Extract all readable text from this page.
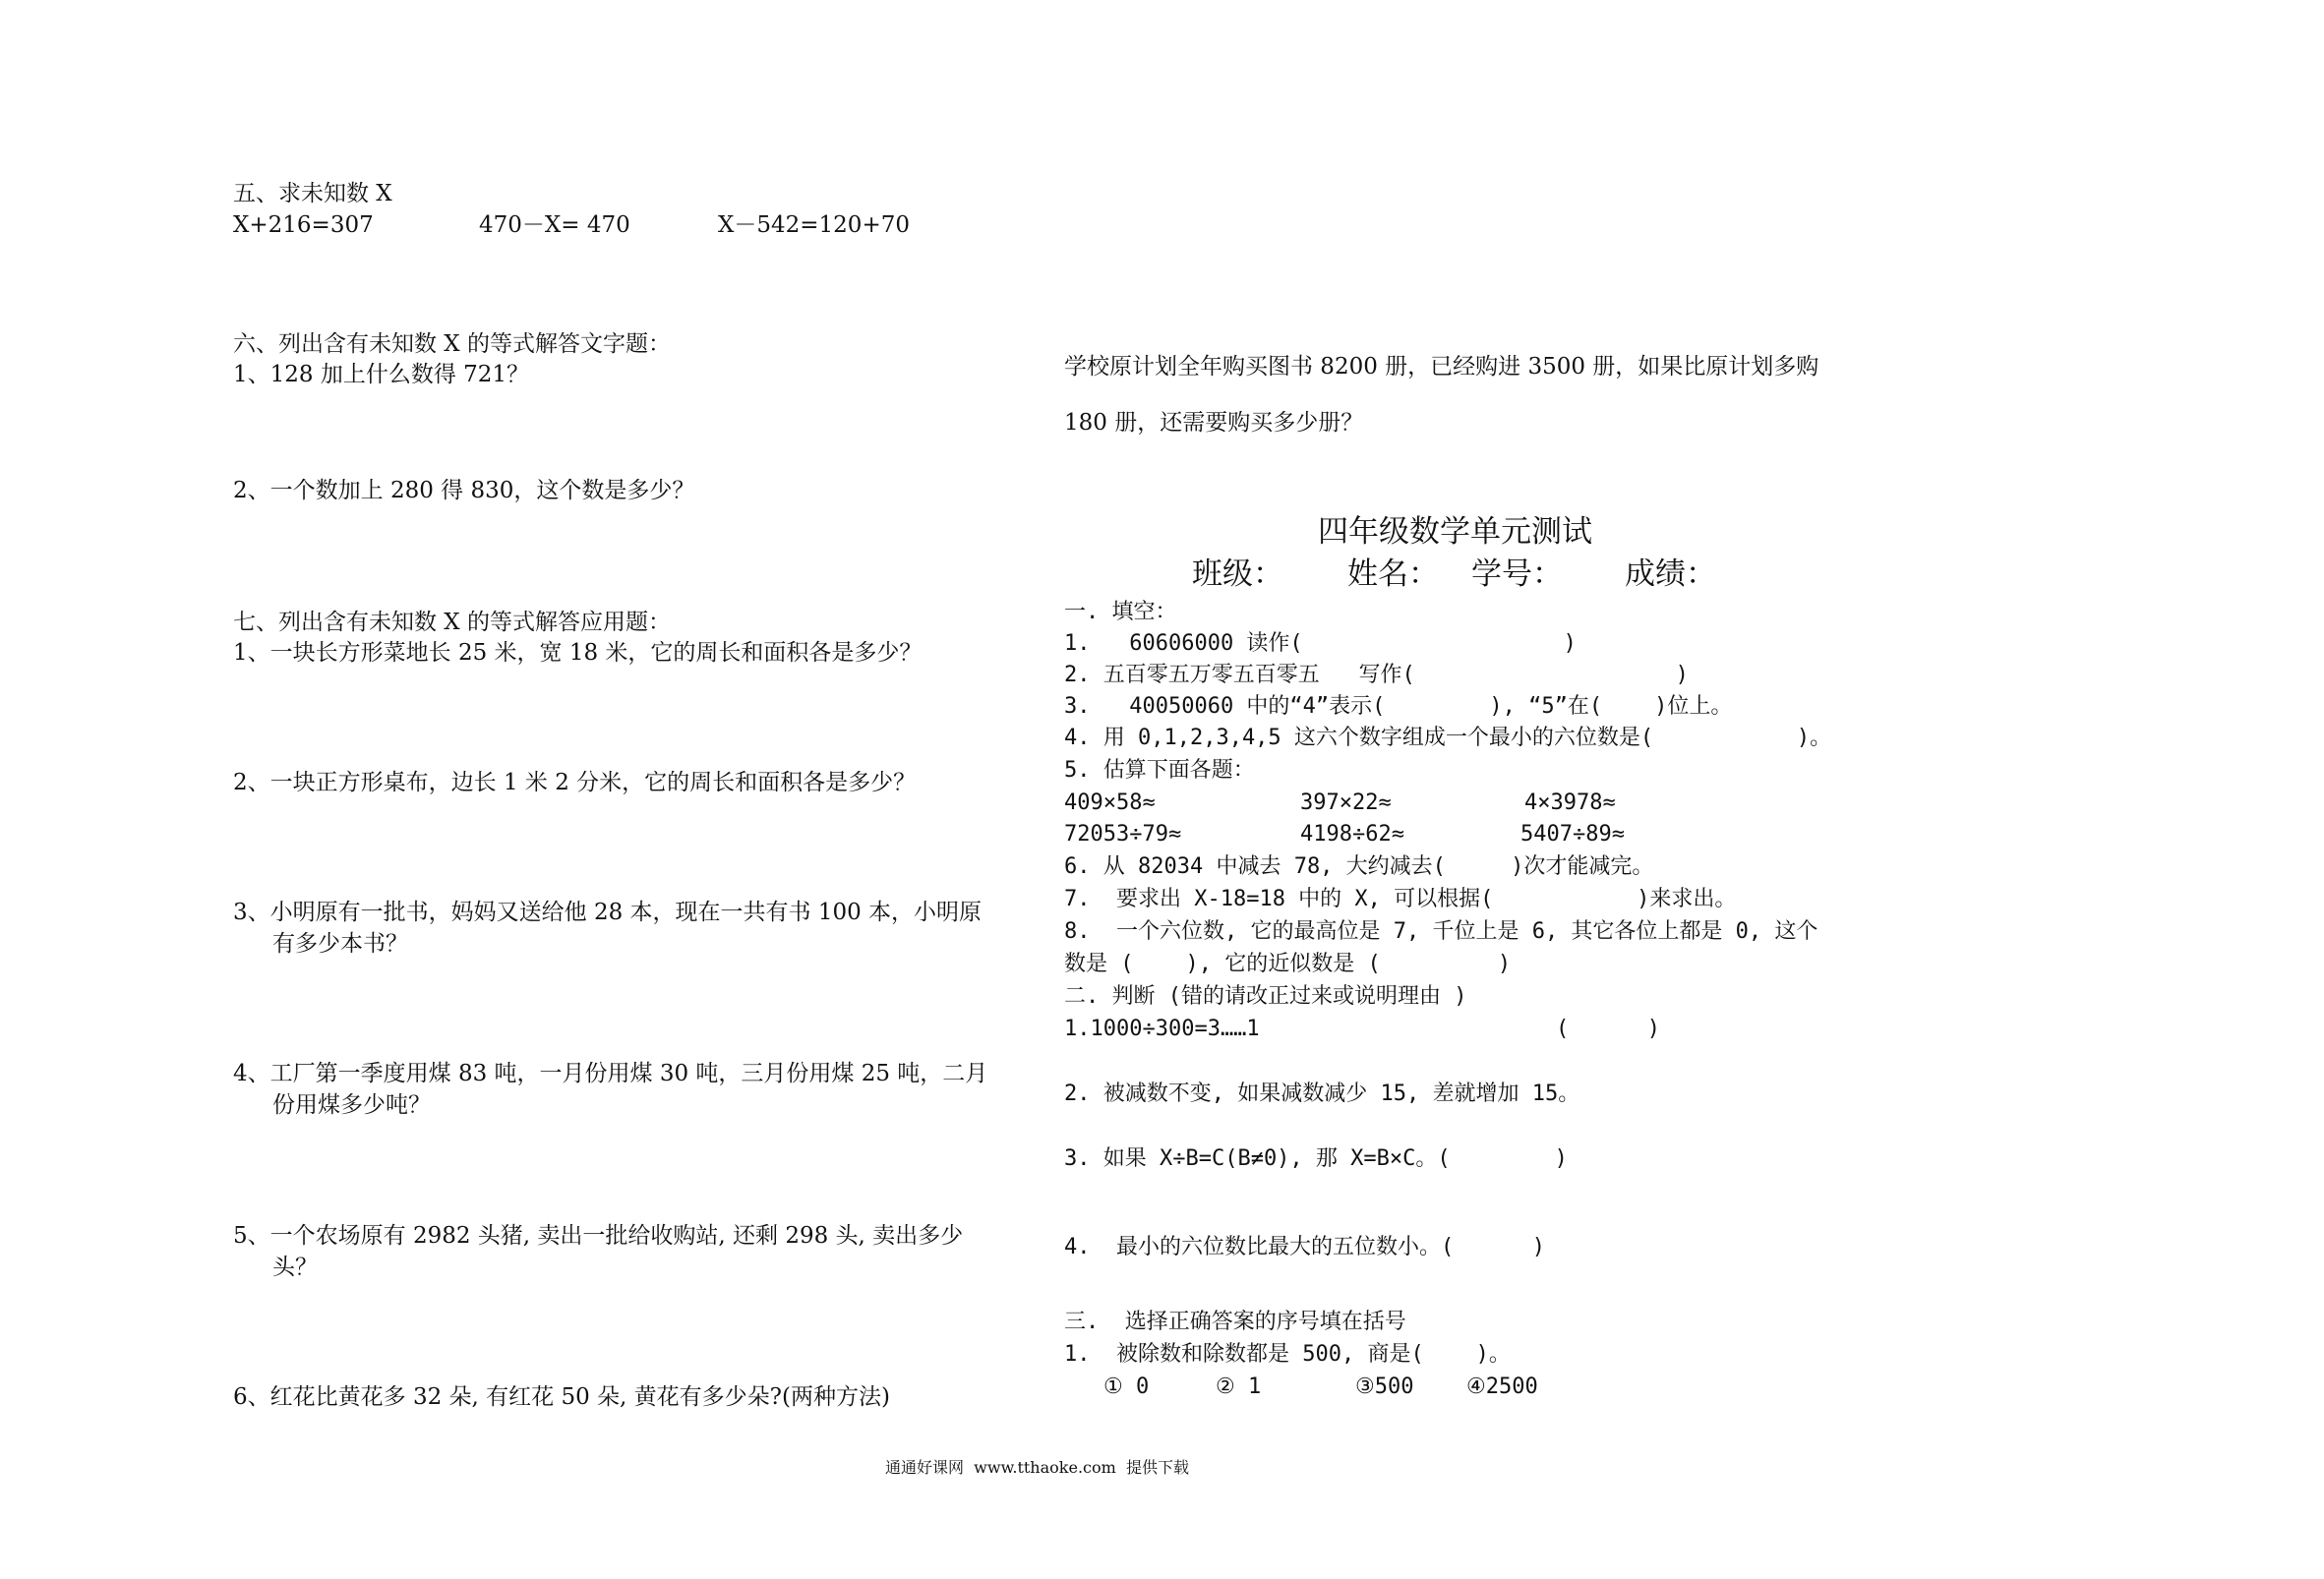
五、求未知数 X
X+216=307	470－X= 470	X－542=120+70
六、列出含有未知数 X 的等式解答文字题：
1、128 加上什么数得 721？
2、一个数加上 280 得 830，这个数是多少？
七、列出含有未知数 X 的等式解答应用题：
1、一块长方形菜地长 25 米，宽 18 米，它的周长和面积各是多少？
2、一块正方形桌布，边长 1 米 2 分米，它的周长和面积各是多少？
3、小明原有一批书，妈妈又送给他 28 本，现在一共有书 100 本，小明原
有多少本书？
4、工厂第一季度用煤 83 吨，一月份用煤 30 吨，三月份用煤 25 吨，二月
份用煤多少吨？
5、一个农场原有 2982 头猪, 卖出一批给收购站, 还剩 298 头, 卖出多少
头？
6、红花比黄花多 32 朵, 有红花 50 朵, 黄花有多少朵?(两种方法)
学校原计划全年购买图书 8200 册，已经购进 3500 册，如果比原计划多购
180 册，还需要购买多少册？
四年级数学单元测试
班级： 姓名： 学号： 成绩：
一. 填空：
1.   60606000 读作(                    )
2. 五百零五万零五百零五   写作(                    )
3.   40050060 中的“4”表示(        ), “5”在(    )位上。
4. 用 0,1,2,3,4,5 这六个数字组成一个最小的六位数是(           )。
5. 估算下面各题：
409×58≈	397×22≈	4×3978≈
72053÷79≈	4198÷62≈	5407÷89≈
6. 从 82034 中减去 78, 大约减去(     )次才能减完。
7.  要求出 X-18=18 中的 X, 可以根据(           )来求出。
8.  一个六位数, 它的最高位是 7, 千位上是 6, 其它各位上都是 0, 这个
数是 (    ), 它的近似数是 (         )
二. 判断 (错的请改正过来或说明理由 )
1.1000÷300=3……1	(      )
2. 被减数不变, 如果减数减少 15, 差就增加 15。
3. 如果 X÷B=C(B≠0), 那 X=B×C。(        )
4.  最小的六位数比最大的五位数小。(      )
三.  选择正确答案的序号填在括号
1.  被除数和除数都是 500, 商是(    )。
① 0	② 1	③500 ④2500
通通好课网  www.tthaoke.com  提供下载
